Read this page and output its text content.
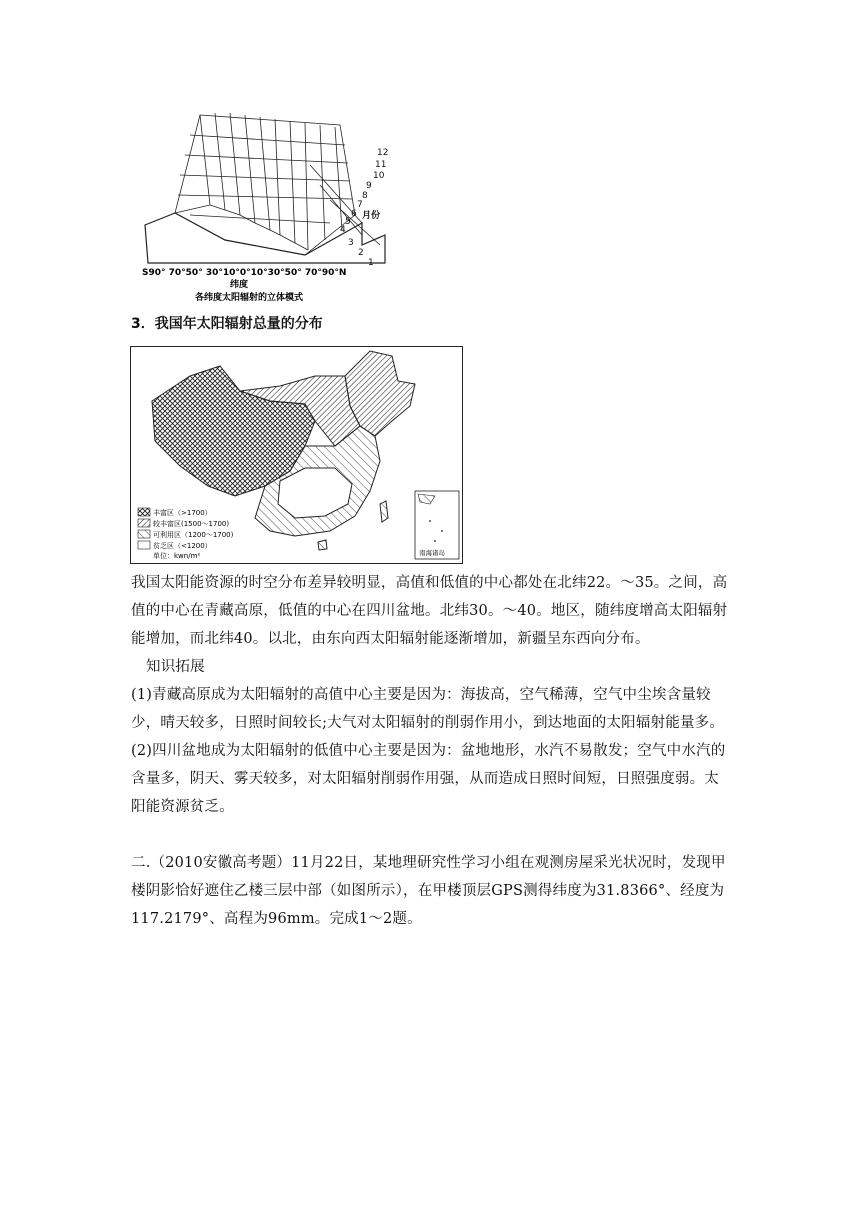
12
11
10
9
8
7
6
5
4
3
2
1
月份
S90° 70°50° 30°10°0°10°30°50° 70°90°N
纬度
各纬度太阳辐射的立体模式
3．我国年太阳辐射总量的分布
丰富区（>1700）
较丰富区(1500～1700)
可利用区（1200～1700)
贫乏区（<1200）
单位：kwn/m²	南海诸岛

我国太阳能资源的时空分布差异较明显，高值和低值的中心都处在北纬22。～35。之间，高值的中心在青藏高原，低值的中心在四川盆地。北纬30。～40。地区，随纬度增高太阳辐射能增加，而北纬40。以北，由东向西太阳辐射能逐渐增加，新疆呈东西向分布。

知识拓展

(1)青藏高原成为太阳辐射的高值中心主要是因为：海拔高，空气稀薄，空气中尘埃含量较少，晴天较多，日照时间较长;大气对太阳辐射的削弱作用小，到达地面的太阳辐射能量多。

(2)四川盆地成为太阳辐射的低值中心主要是因为：盆地地形，水汽不易散发；空气中水汽的含量多，阴天、雾天较多，对太阳辐射削弱作用强，从而造成日照时间短，日照强度弱。太阳能资源贫乏。

二.（2010安徽高考题）11月22日，某地理研究性学习小组在观测房屋采光状况时，发现甲楼阴影恰好遮住乙楼三层中部（如图所示），在甲楼顶层GPS测得纬度为31.8366°、经度为117.2179°、高程为96mm。完成1～2题。
